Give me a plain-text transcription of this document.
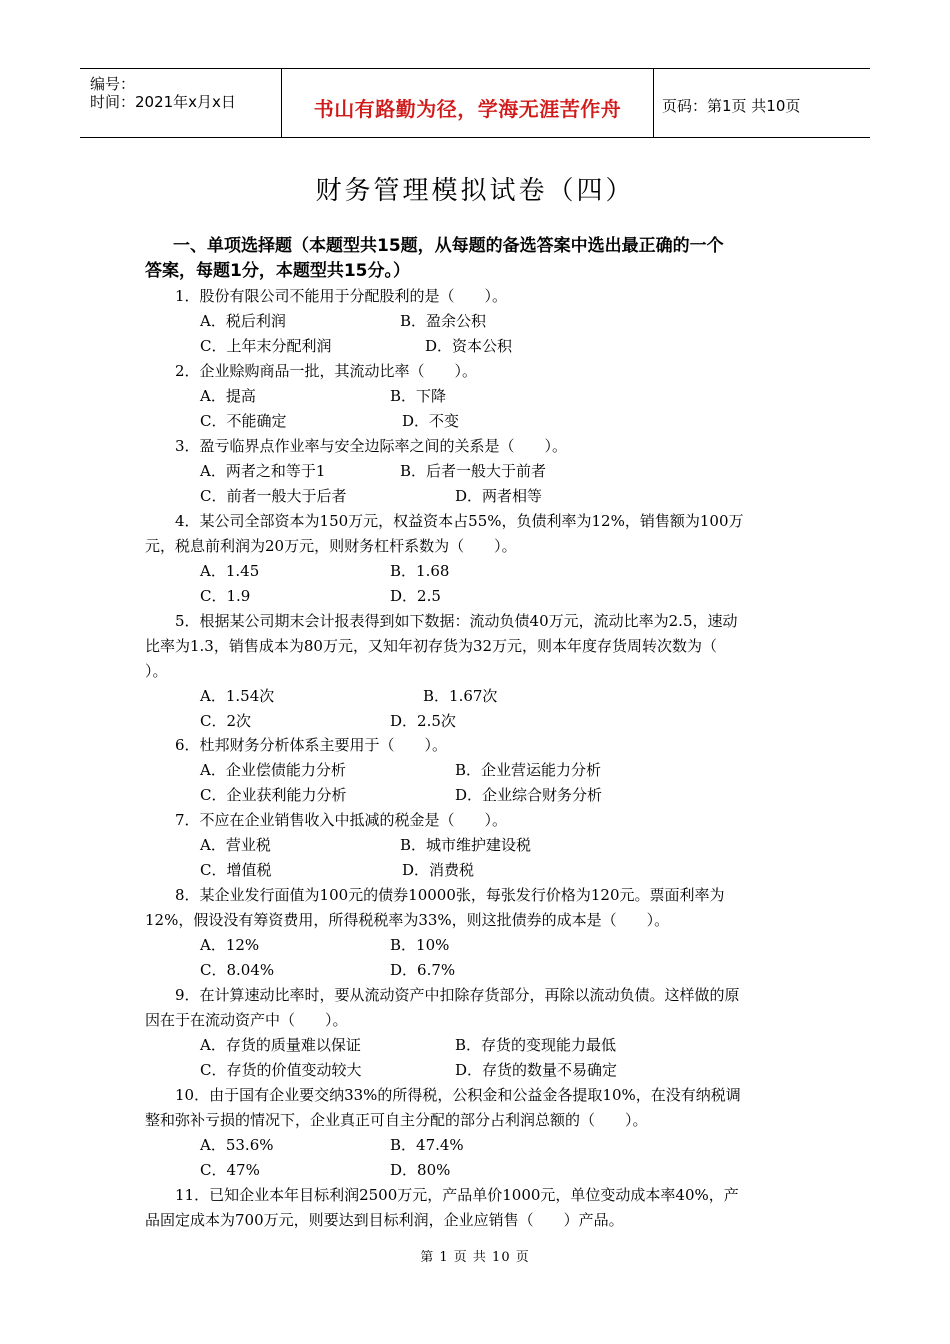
编号：
时间：2021年x月x日	书山有路勤为径，学海无涯苦作舟	页码：第1页 共10页
财务管理模拟试卷（四）
一、单项选择题（本题型共15题，从每题的备选答案中选出最正确的一个
答案，每题1分，本题型共15分。）
1．股份有限公司不能用于分配股利的是（　　）。
A．税后利润	B．盈余公积
C．上年末分配利润	D．资本公积
2．企业赊购商品一批，其流动比率（　　）。
A．提高	B．下降
C．不能确定	D．不变
3．盈亏临界点作业率与安全边际率之间的关系是（　　）。
A．两者之和等于1	B．后者一般大于前者
C．前者一般大于后者	D．两者相等
4．某公司全部资本为150万元，权益资本占55%，负债利率为12%，销售额为100万
元，税息前利润为20万元，则财务杠杆系数为（　　）。
A．1.45	B．1.68
C．1.9	D．2.5
5．根据某公司期末会计报表得到如下数据：流动负债40万元，流动比率为2.5，速动
比率为1.3，销售成本为80万元，又知年初存货为32万元，则本年度存货周转次数为（
）。
A．1.54次	B．1.67次
C．2次	D．2.5次
6．杜邦财务分析体系主要用于（　　）。
A．企业偿债能力分析	B．企业营运能力分析
C．企业获利能力分析	D．企业综合财务分析
7．不应在企业销售收入中抵减的税金是（　　）。
A．营业税	B．城市维护建设税
C．增值税	D．消费税
8．某企业发行面值为100元的债券10000张，每张发行价格为120元。票面利率为
12%，假设没有筹资费用，所得税税率为33%，则这批债券的成本是（　　）。
A．12%	B．10%
C．8.04%	D．6.7%
9．在计算速动比率时，要从流动资产中扣除存货部分，再除以流动负债。这样做的原
因在于在流动资产中（　　）。
A．存货的质量难以保证	B．存货的变现能力最低
C．存货的价值变动较大	D．存货的数量不易确定
10．由于国有企业要交纳33%的所得税，公积金和公益金各提取10%，在没有纳税调
整和弥补亏损的情况下，企业真正可自主分配的部分占利润总额的（　　）。
A．53.6%	B．47.4%
C．47%	D．80%
11．已知企业本年目标利润2500万元，产品单价1000元，单位变动成本率40%，产
品固定成本为700万元，则要达到目标利润，企业应销售（　　）产品。
第 1 页 共 10 页
